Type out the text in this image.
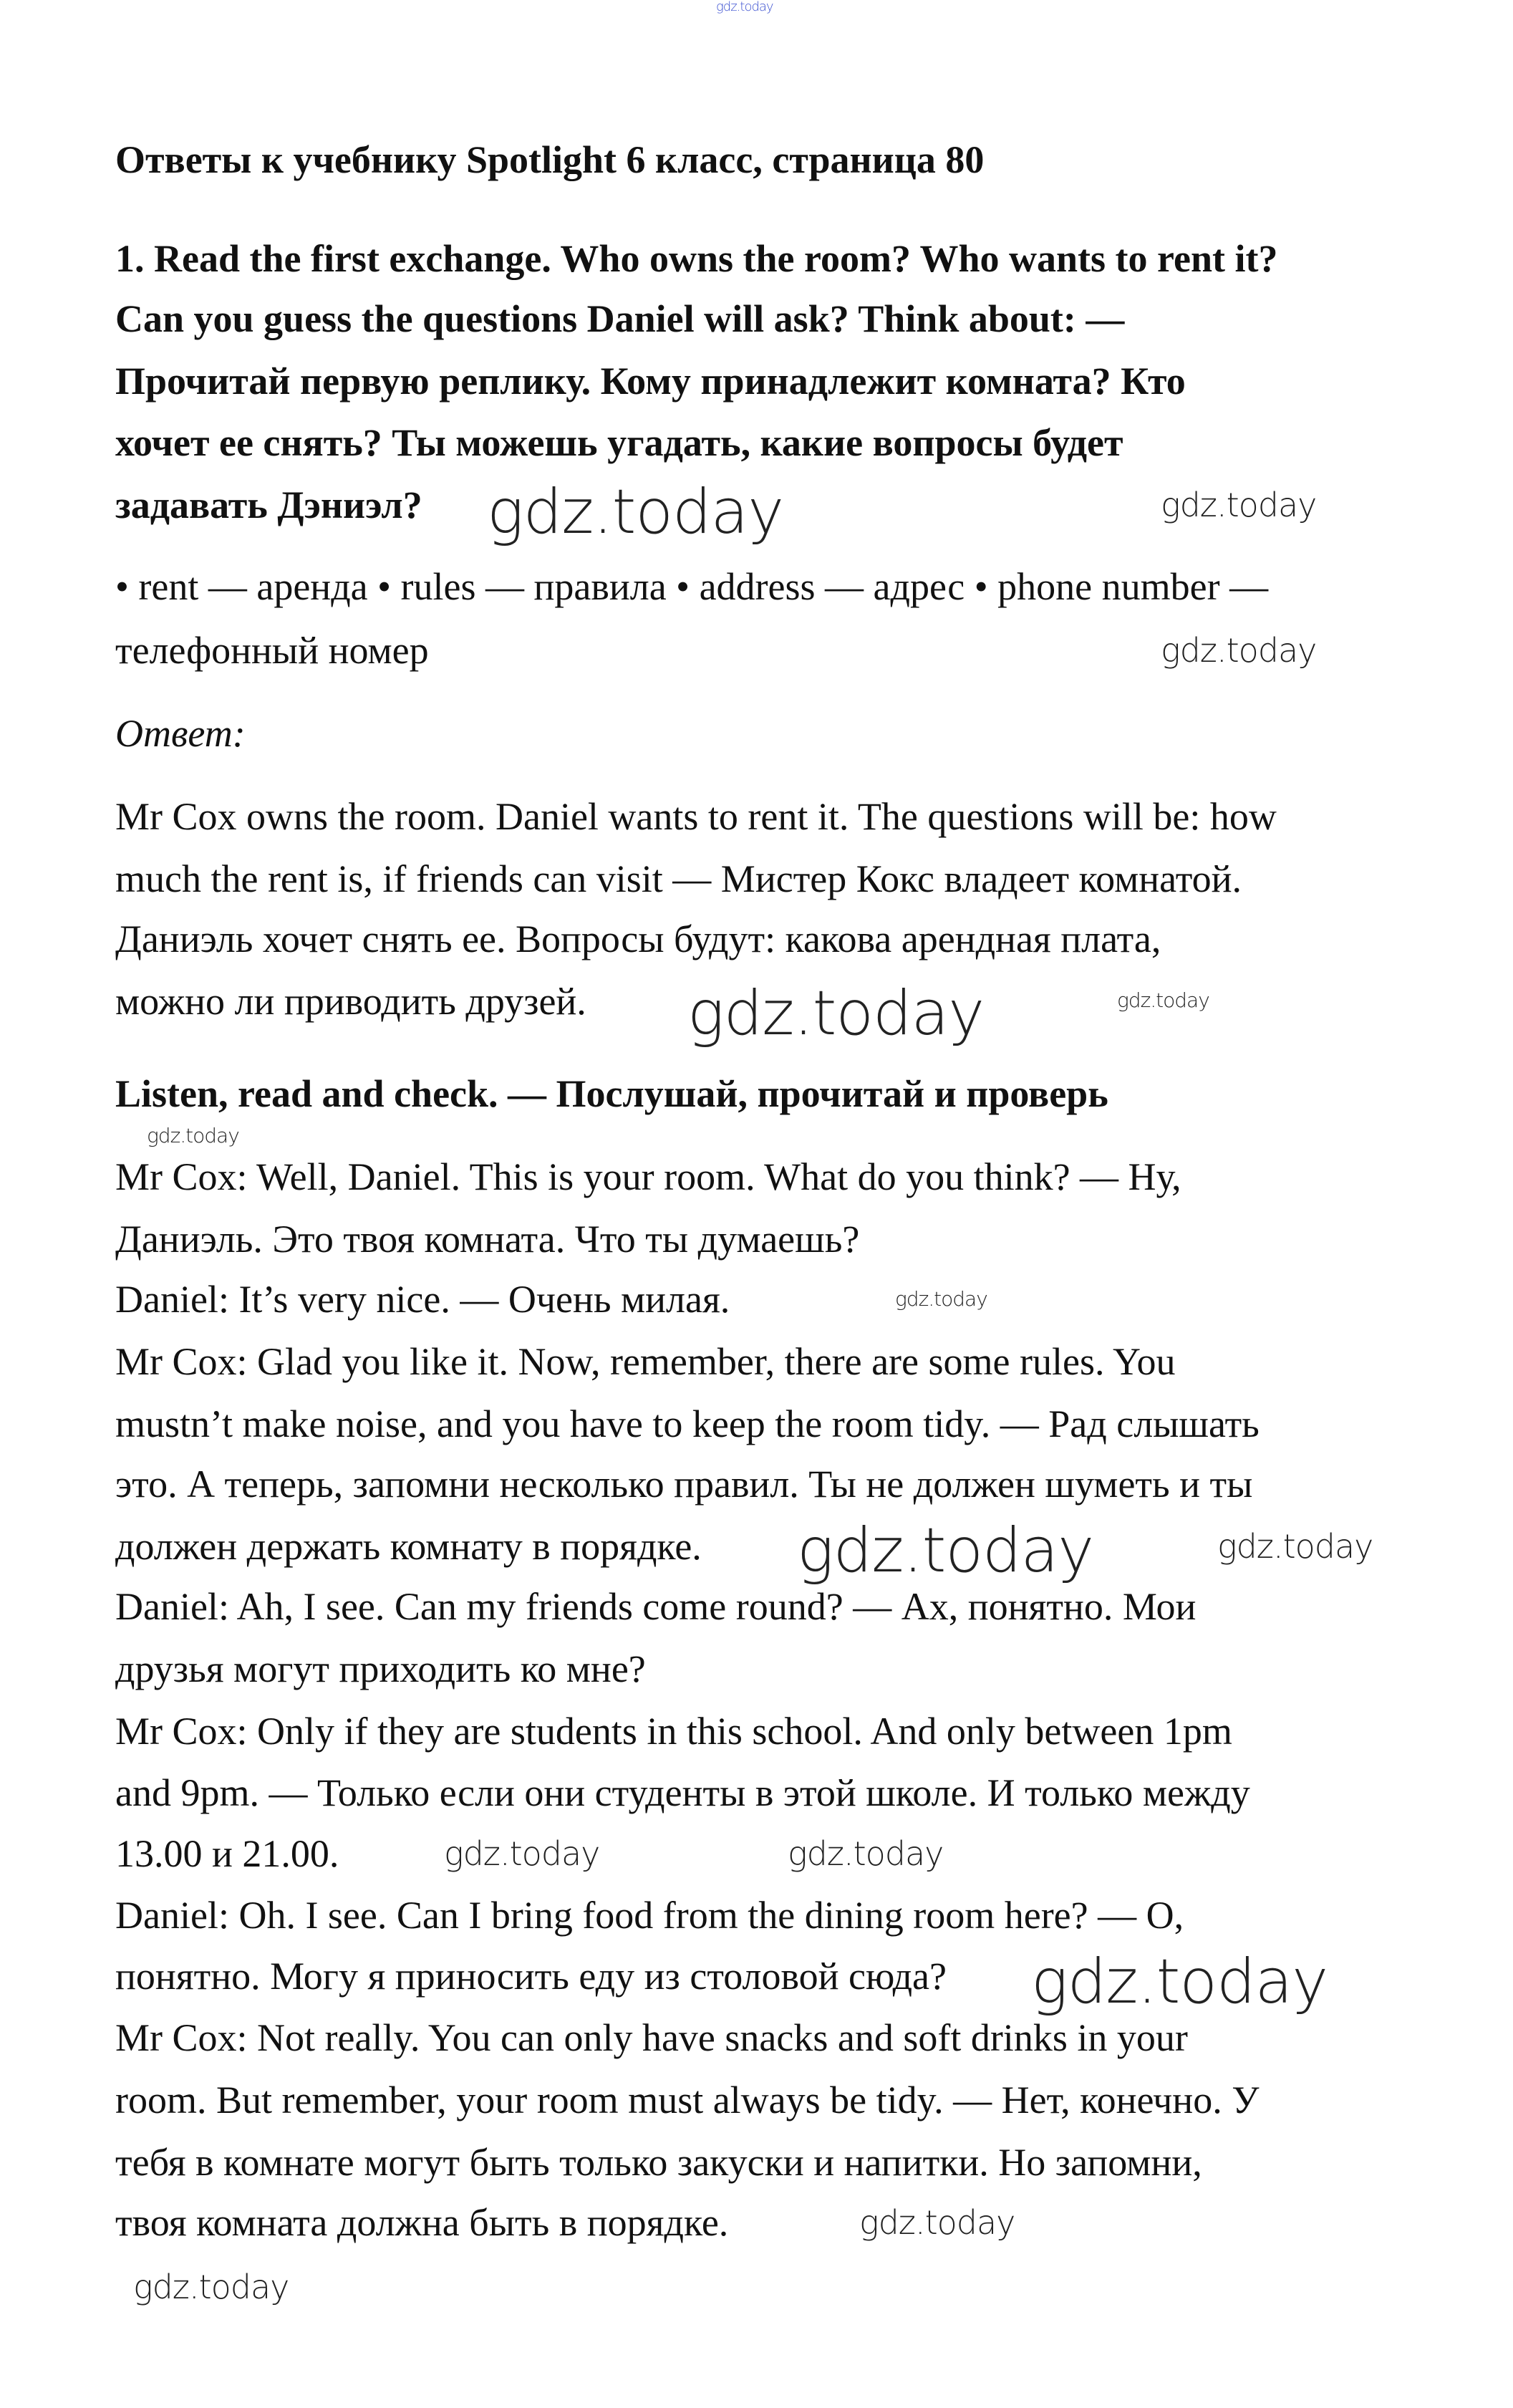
Ответы к учебнику Spotlight 6 класс, страница 80
1. Read the first exchange. Who owns the room? Who wants to rent it?
Can you guess the questions Daniel will ask? Think about: —
Прочитай первую реплику. Кому принадлежит комната? Кто
хочет ее снять? Ты можешь угадать, какие вопросы будет
задавать Дэниэл?
• rent — аренда • rules — правила • address — адрес • phone number —
телефонный номер
Ответ:
Mr Cox owns the room. Daniel wants to rent it. The questions will be: how
much the rent is, if friends can visit — Мистер Кокс владеет комнатой.
Даниэль хочет снять ее. Вопросы будут: какова арендная плата,
можно ли приводить друзей.
Listen, read and check. — Послушай, прочитай и проверь
Mr Cox: Well, Daniel. This is your room. What do you think? — Ну,
Даниэль. Это твоя комната. Что ты думаешь?
Daniel: It’s very nice. — Очень милая.
Mr Cox: Glad you like it. Now, remember, there are some rules. You
mustn’t make noise, and you have to keep the room tidy. — Рад слышать
это. А теперь, запомни несколько правил. Ты не должен шуметь и ты
должен держать комнату в порядке.
Daniel: Ah, I see. Can my friends come round? — Ах, понятно. Мои
друзья могут приходить ко мне?
Mr Cox: Only if they are students in this school. And only between 1pm
and 9pm. — Только если они студенты в этой школе. И только между
13.00 и 21.00.
Daniel: Oh. I see. Can I bring food from the dining room here? — О,
понятно. Могу я приносить еду из столовой сюда?
Mr Cox: Not really. You can only have snacks and soft drinks in your
room. But remember, your room must always be tidy. — Нет, конечно. У
тебя в комнате могут быть только закуски и напитки. Но запомни,
твоя комната должна быть в порядке.
gdz.today
gdz.today
gdz.today
gdz.today
gdz.today
gdz.today
gdz.today
gdz.today
gdz.today
gdz.today
gdz.today	gdz.today
gdz.today
gdz.today
gdz.today
